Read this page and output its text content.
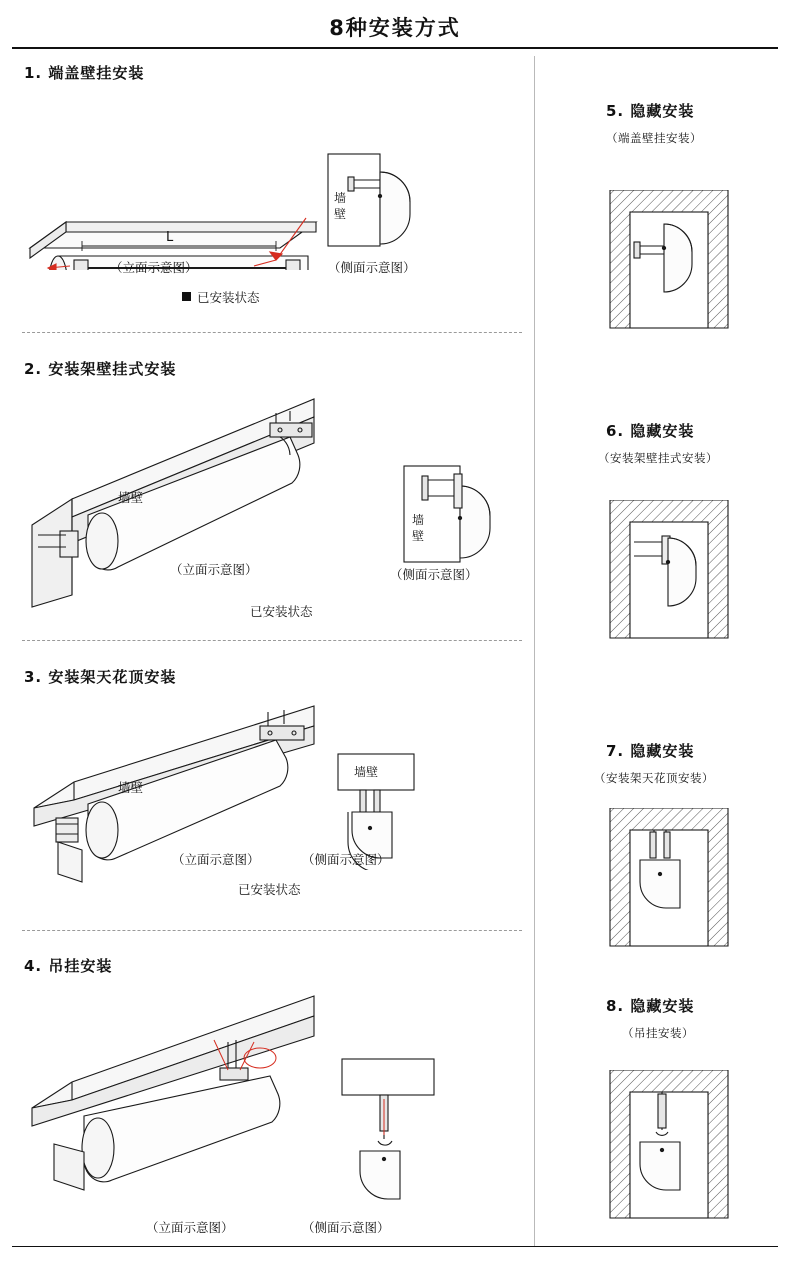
8种安装方式
1. 端盖壁挂安装
L
墙
壁
（立面示意图）	（侧面示意图）
已安装状态
2. 安装架壁挂式安装
墙
壁
墙壁
（立面示意图）	（侧面示意图）
已安装状态
3. 安装架天花顶安装
墙壁
墙壁
（立面示意图）	（侧面示意图）
已安装状态
4. 吊挂安装
（立面示意图）	（侧面示意图）
5. 隐藏安装
（端盖壁挂安装）
6. 隐藏安装
（安装架壁挂式安装）
7. 隐藏安装
（安装架天花顶安装）
8. 隐藏安装
（吊挂安装）
